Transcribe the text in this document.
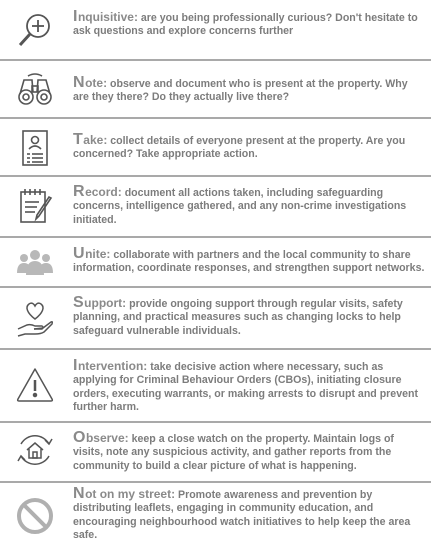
Inquisitive: are you being professionally curious? Don't hesitate to ask questions and explore concerns further
Note: observe and document who is present at the property. Why are they there? Do they actually live there?
Take: collect details of everyone present at the property. Are you concerned? Take appropriate action.
Record: document all actions taken, including safeguarding concerns, intelligence gathered, and any non-crime investigations initiated.
Unite: collaborate with partners and the local community to share information, coordinate responses, and strengthen support networks.
Support: provide ongoing support through regular visits, safety planning, and practical measures such as changing locks to help safeguard vulnerable individuals.
Intervention: take decisive action where necessary, such as applying for Criminal Behaviour Orders (CBOs), initiating closure orders, executing warrants, or making arrests to disrupt and prevent further harm.
Observe: keep a close watch on the property. Maintain logs of visits, note any suspicious activity, and gather reports from the community to build a clear picture of what is happening.
Not on my street: Promote awareness and prevention by distributing leaflets, engaging in community education, and encouraging neighbourhood watch initiatives to help keep the area safe.
